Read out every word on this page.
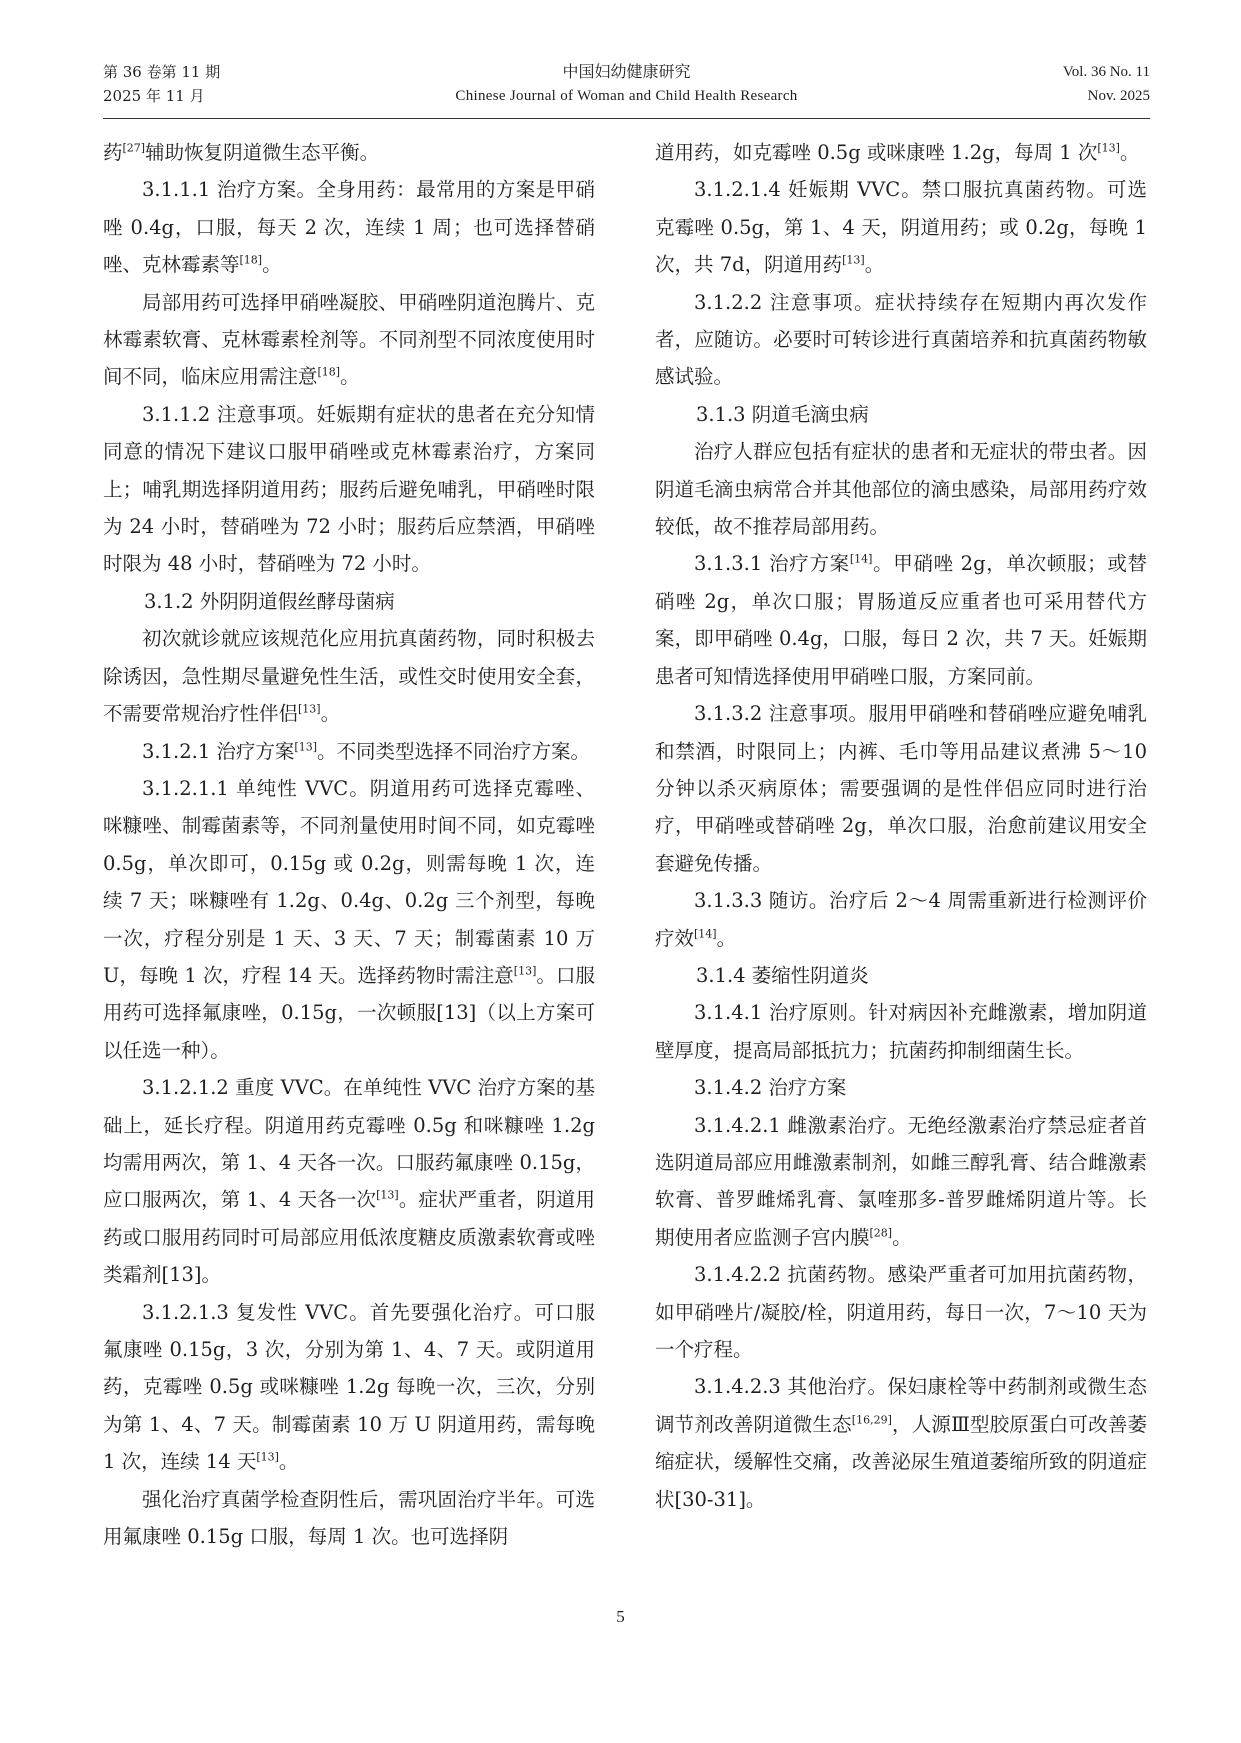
第 36 卷第 11 期
2025 年 11 月
中国妇幼健康研究
Chinese Journal of Woman and Child Health Research
Vol. 36 No. 11
Nov. 2025

药[27]辅助恢复阴道微生态平衡。

3.1.1.1 治疗方案。全身用药：最常用的方案是甲硝唑 0.4g，口服，每天 2 次，连续 1 周；也可选择替硝唑、克林霉素等[18]。

局部用药可选择甲硝唑凝胶、甲硝唑阴道泡腾片、克林霉素软膏、克林霉素栓剂等。不同剂型不同浓度使用时间不同，临床应用需注意[18]。

3.1.1.2 注意事项。妊娠期有症状的患者在充分知情同意的情况下建议口服甲硝唑或克林霉素治疗，方案同上；哺乳期选择阴道用药；服药后避免哺乳，甲硝唑时限为 24 小时，替硝唑为 72 小时；服药后应禁酒，甲硝唑时限为 48 小时，替硝唑为 72 小时。

3.1.2 外阴阴道假丝酵母菌病

初次就诊就应该规范化应用抗真菌药物，同时积极去除诱因，急性期尽量避免性生活，或性交时使用安全套，不需要常规治疗性伴侣[13]。

3.1.2.1 治疗方案[13]。不同类型选择不同治疗方案。

3.1.2.1.1 单纯性 VVC。阴道用药可选择克霉唑、咪糠唑、制霉菌素等，不同剂量使用时间不同，如克霉唑 0.5g，单次即可，0.15g 或 0.2g，则需每晚 1 次，连续 7 天；咪糠唑有 1.2g、0.4g、0.2g 三个剂型，每晚一次，疗程分别是 1 天、3 天、7 天；制霉菌素 10 万 U，每晚 1 次，疗程 14 天。选择药物时需注意[13]。口服用药可选择氟康唑，0.15g，一次顿服[13]（以上方案可以任选一种）。

3.1.2.1.2 重度 VVC。在单纯性 VVC 治疗方案的基础上，延长疗程。阴道用药克霉唑 0.5g 和咪糠唑 1.2g 均需用两次，第 1、4 天各一次。口服药氟康唑 0.15g，应口服两次，第 1、4 天各一次[13]。症状严重者，阴道用药或口服用药同时可局部应用低浓度糖皮质激素软膏或唑类霜剂[13]。

3.1.2.1.3 复发性 VVC。首先要强化治疗。可口服氟康唑 0.15g，3 次，分别为第 1、4、7 天。或阴道用药，克霉唑 0.5g 或咪糠唑 1.2g 每晚一次，三次，分别为第 1、4、7 天。制霉菌素 10 万 U 阴道用药，需每晚 1 次，连续 14 天[13]。

强化治疗真菌学检查阴性后，需巩固治疗半年。可选用氟康唑 0.15g 口服，每周 1 次。也可选择阴

道用药，如克霉唑 0.5g 或咪康唑 1.2g，每周 1 次[13]。

3.1.2.1.4 妊娠期 VVC。禁口服抗真菌药物。可选克霉唑 0.5g，第 1、4 天，阴道用药；或 0.2g，每晚 1 次，共 7d，阴道用药[13]。

3.1.2.2 注意事项。症状持续存在短期内再次发作者，应随访。必要时可转诊进行真菌培养和抗真菌药物敏感试验。

3.1.3 阴道毛滴虫病

治疗人群应包括有症状的患者和无症状的带虫者。因阴道毛滴虫病常合并其他部位的滴虫感染，局部用药疗效较低，故不推荐局部用药。

3.1.3.1 治疗方案[14]。甲硝唑 2g，单次顿服；或替硝唑 2g，单次口服；胃肠道反应重者也可采用替代方案，即甲硝唑 0.4g，口服，每日 2 次，共 7 天。妊娠期患者可知情选择使用甲硝唑口服，方案同前。

3.1.3.2 注意事项。服用甲硝唑和替硝唑应避免哺乳和禁酒，时限同上；内裤、毛巾等用品建议煮沸 5～10 分钟以杀灭病原体；需要强调的是性伴侣应同时进行治疗，甲硝唑或替硝唑 2g，单次口服，治愈前建议用安全套避免传播。

3.1.3.3 随访。治疗后 2～4 周需重新进行检测评价疗效[14]。

3.1.4 萎缩性阴道炎

3.1.4.1 治疗原则。针对病因补充雌激素，增加阴道壁厚度，提高局部抵抗力；抗菌药抑制细菌生长。

3.1.4.2 治疗方案

3.1.4.2.1 雌激素治疗。无绝经激素治疗禁忌症者首选阴道局部应用雌激素制剂，如雌三醇乳膏、结合雌激素软膏、普罗雌烯乳膏、氯喹那多-普罗雌烯阴道片等。长期使用者应监测子宫内膜[28]。

3.1.4.2.2 抗菌药物。感染严重者可加用抗菌药物，如甲硝唑片/凝胶/栓，阴道用药，每日一次，7～10 天为一个疗程。

3.1.4.2.3 其他治疗。保妇康栓等中药制剂或微生态调节剂改善阴道微生态[16,29]，人源Ⅲ型胶原蛋白可改善萎缩症状，缓解性交痛，改善泌尿生殖道萎缩所致的阴道症状[30-31]。

5
